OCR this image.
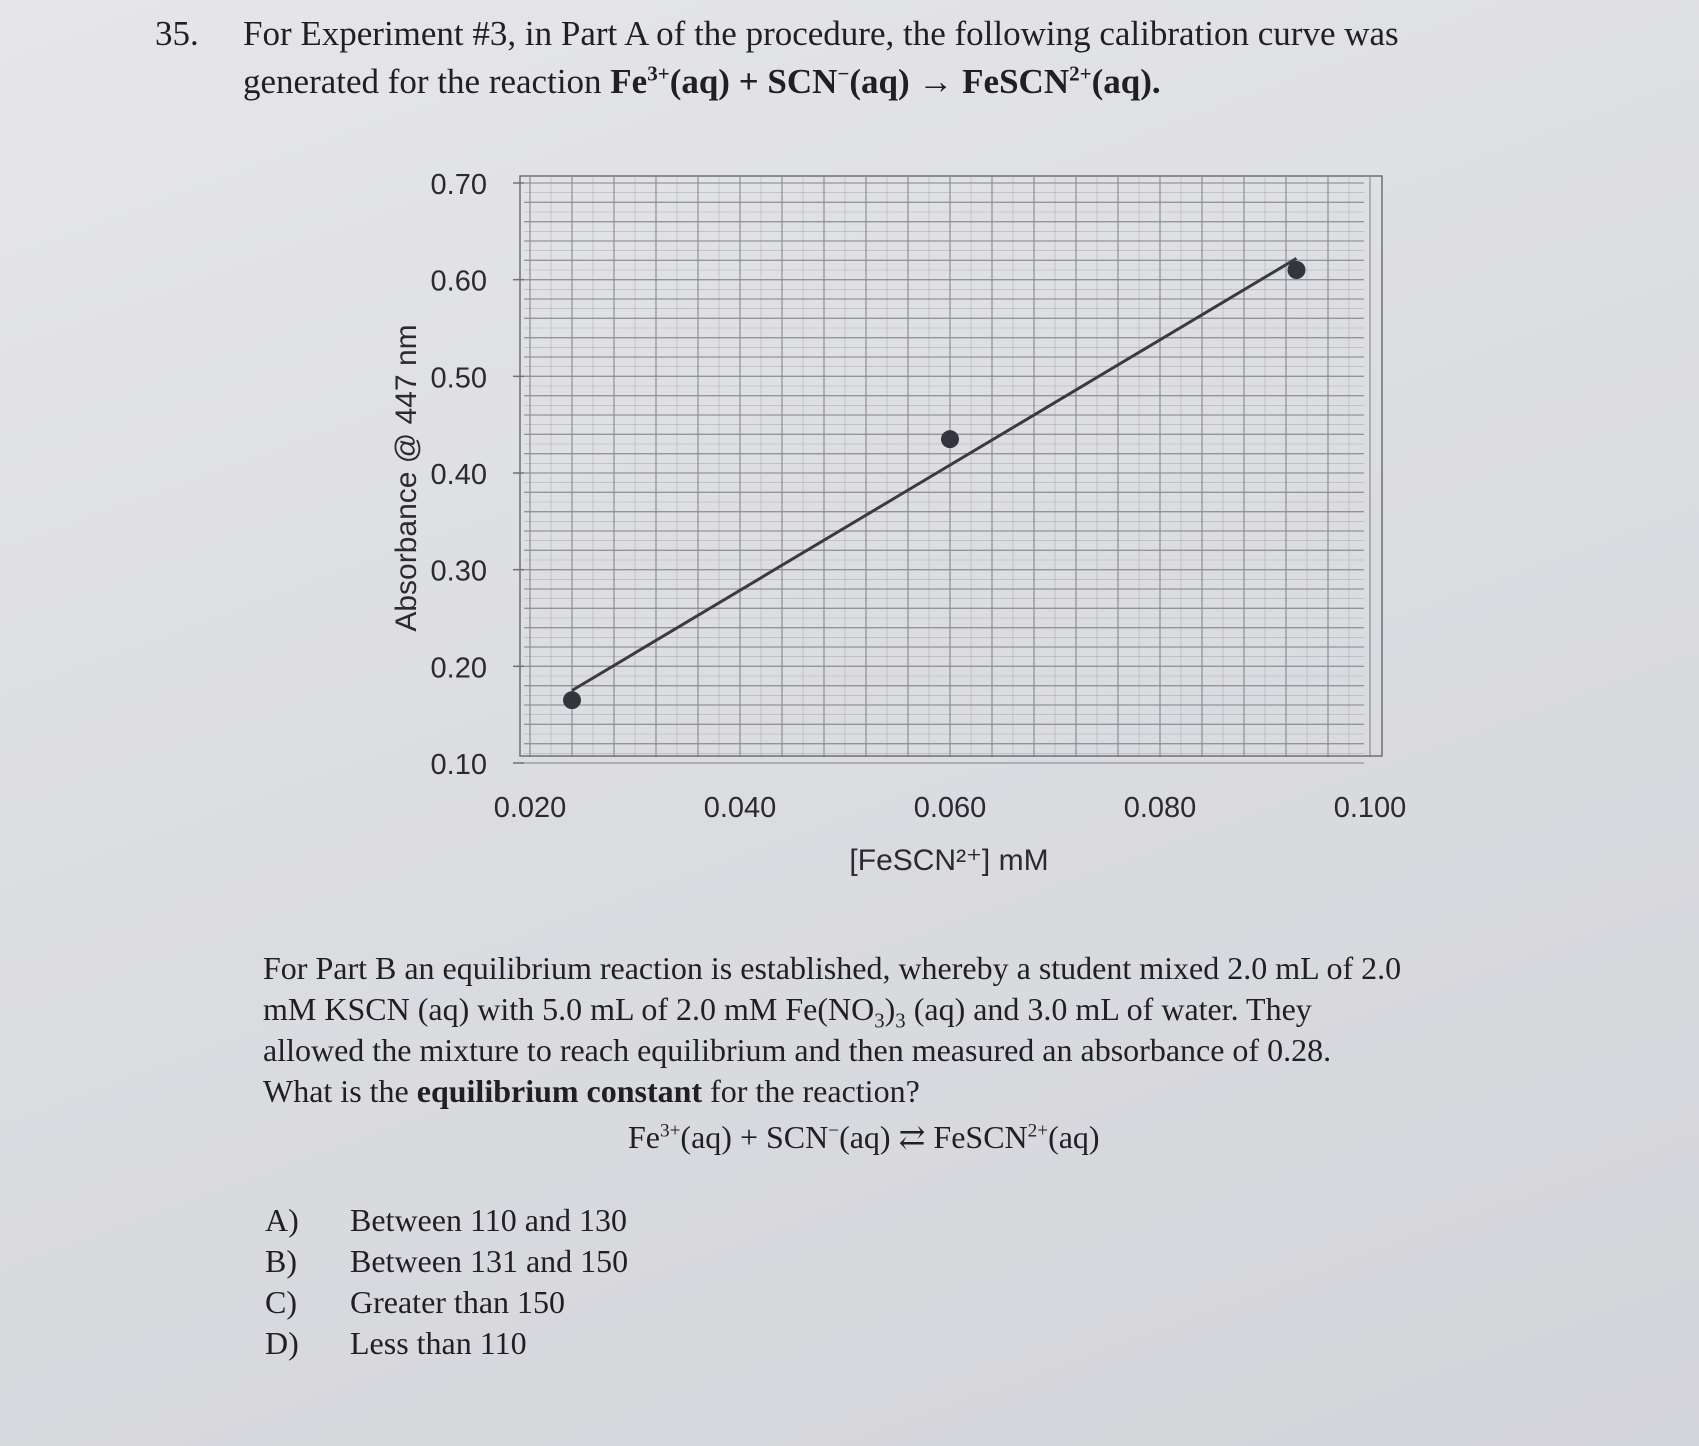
35. For Experiment #3, in Part A of the procedure, the following calibration curve was
generated for the reaction $Fe^{3+}(aq) + SCN^-(aq)$ → FeSCN$^{2+}$(aq).
0.70
0.60
0.50
0.40
0.30
0.20
0.10
0.020	0.040	0.060	0.080	0.100
Absorbance @ 447 nm
[FeSCN²⁺] mM

For Part B an equilibrium reaction is established, whereby a student mixed 2.0 mL of 2.0

mM KSCN (aq) with 5.0 mL of 2.0 mM $Fe(NO_3)_3$ (aq) and 3.0 mL of water. They

allowed the mixture to reach equilibrium and then measured an absorbance of 0.28.

What is the equilibrium constant for the reaction?

$Fe^{3+}(aq) + SCN^-(aq)$ ⇄ FeSCN$^{2+}$(aq)
A)	Between 110 and 130
B)	Between 131 and 150
C)	Greater than 150
D)	Less than 110
